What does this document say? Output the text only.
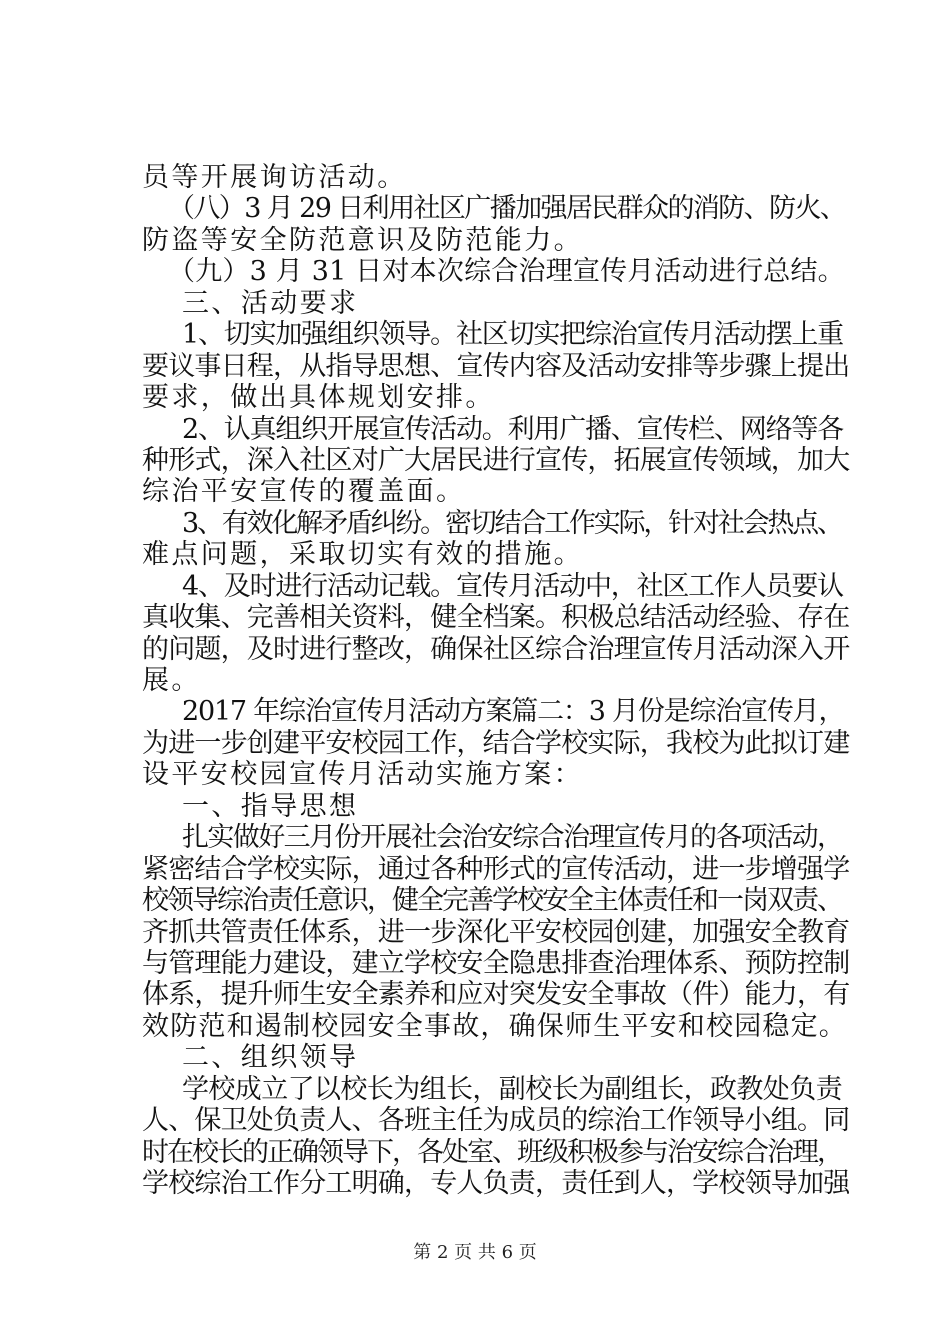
员等开展询访活动。
（八）3 月 29 日利用社区广播加强居民群众的消防、防火、
防盗等安全防范意识及防范能力。
（九）3 月 31 日对本次综合治理宣传月活动进行总结。
三、活动要求
1、切实加强组织领导。社区切实把综治宣传月活动摆上重
要议事日程，从指导思想、宣传内容及活动安排等步骤上提出
要求，做出具体规划安排。
2、认真组织开展宣传活动。利用广播、宣传栏、网络等各
种形式，深入社区对广大居民进行宣传，拓展宣传领域，加大
综治平安宣传的覆盖面。
3、有效化解矛盾纠纷。密切结合工作实际，针对社会热点、
难点问题，采取切实有效的措施。
4、及时进行活动记载。宣传月活动中，社区工作人员要认
真收集、完善相关资料，健全档案。积极总结活动经验、存在
的问题，及时进行整改，确保社区综合治理宣传月活动深入开
展。
2017 年综治宣传月活动方案篇二：3 月份是综治宣传月，
为进一步创建平安校园工作，结合学校实际，我校为此拟订建
设平安校园宣传月活动实施方案：
一、指导思想
扎实做好三月份开展社会治安综合治理宣传月的各项活动，
紧密结合学校实际，通过各种形式的宣传活动，进一步增强学
校领导综治责任意识，健全完善学校安全主体责任和一岗双责、
齐抓共管责任体系，进一步深化平安校园创建，加强安全教育
与管理能力建设，建立学校安全隐患排查治理体系、预防控制
体系，提升师生安全素养和应对突发安全事故（件）能力，有
效防范和遏制校园安全事故，确保师生平安和校园稳定。
二、组织领导
学校成立了以校长为组长，副校长为副组长，政教处负责
人、保卫处负责人、各班主任为成员的综治工作领导小组。同
时在校长的正确领导下，各处室、班级积极参与治安综合治理，
学校综治工作分工明确，专人负责，责任到人，学校领导加强
第 2 页 共 6 页
